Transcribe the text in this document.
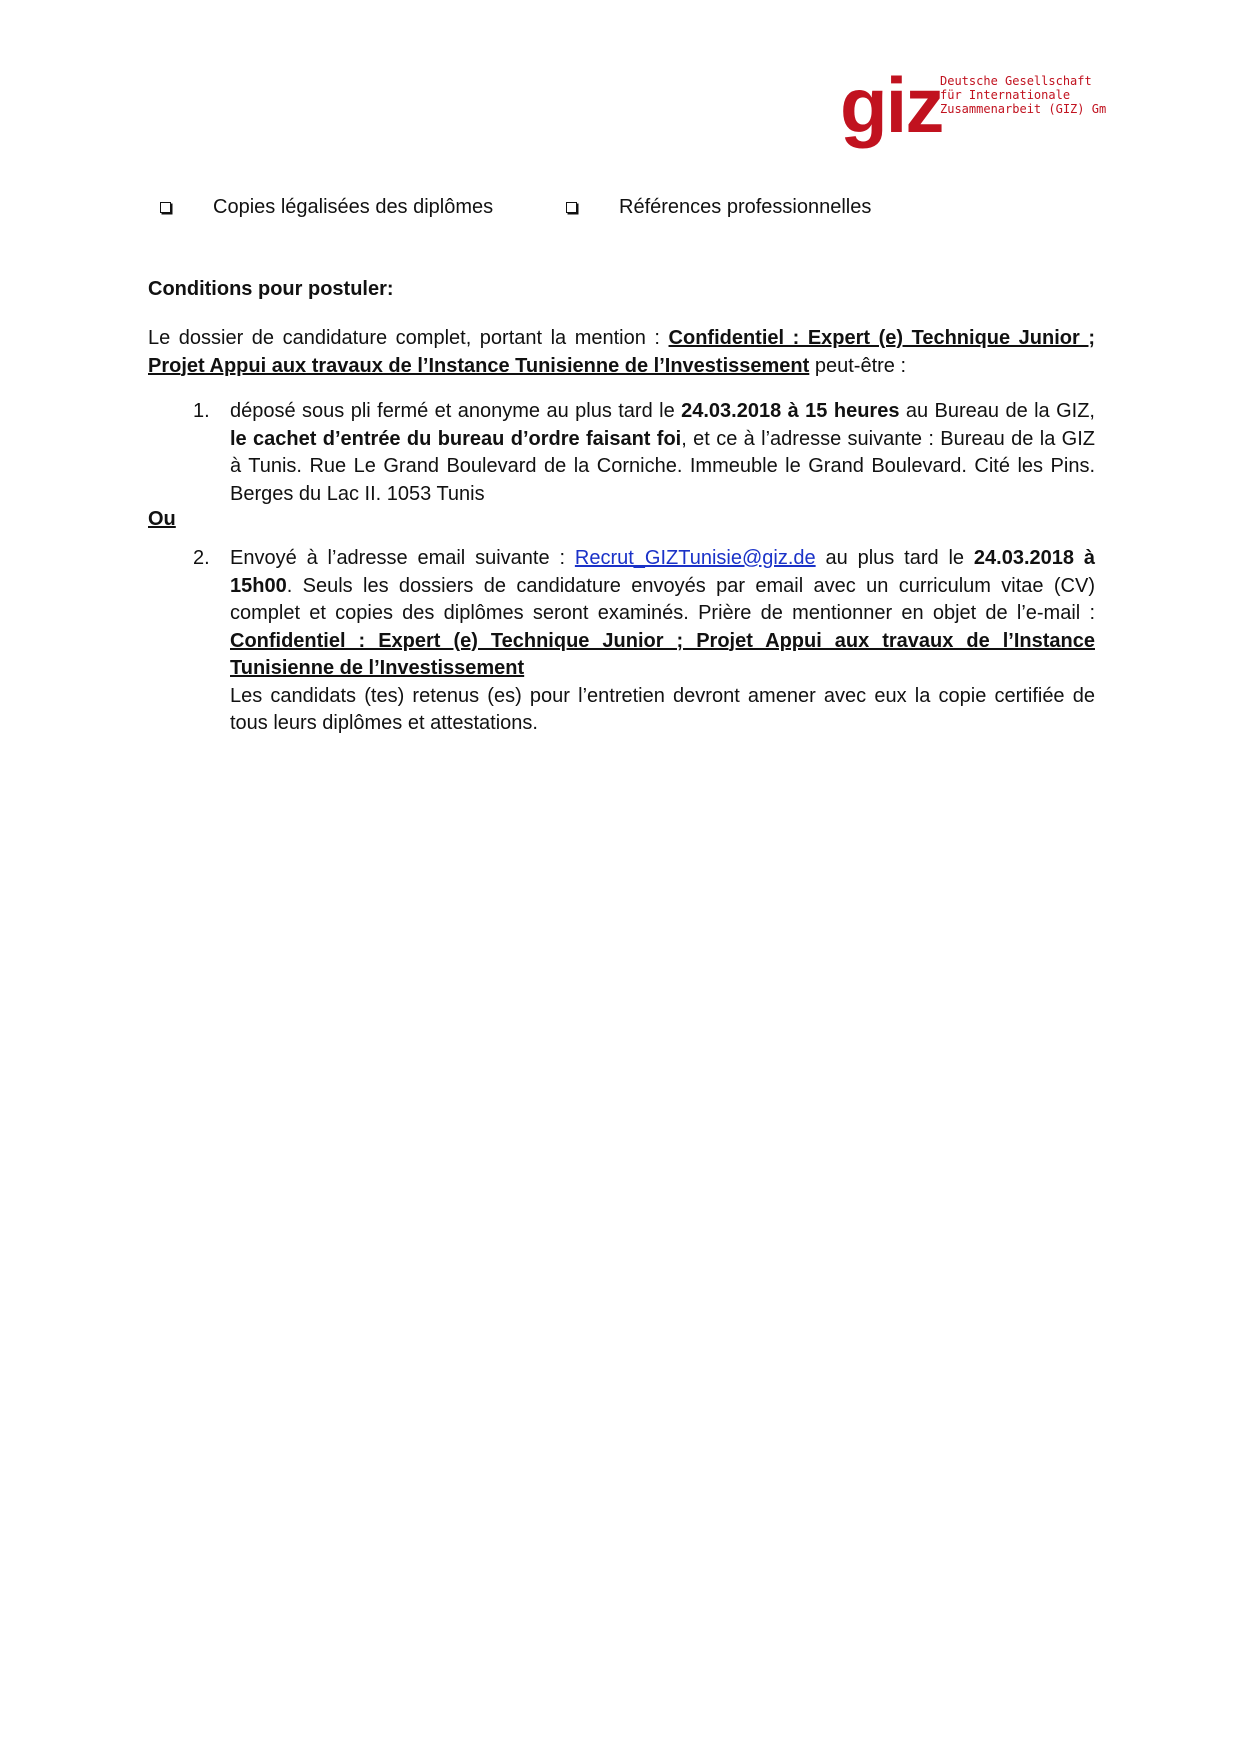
giz
Deutsche Gesellschaft
für Internationale
Zusammenarbeit (GIZ) Gm
Copies légalisées des diplômes	Références professionnelles
Conditions pour postuler:
Le dossier de candidature complet, portant la mention : Confidentiel : Expert (e) Technique Junior ; Projet Appui aux travaux de l’Instance Tunisienne de l’Investissement peut-être :
1. déposé sous pli fermé et anonyme au plus tard le 24.03.2018 à 15 heures au Bureau de la GIZ, le cachet d’entrée du bureau d’ordre faisant foi, et ce à l’adresse suivante : Bureau de la GIZ à Tunis. Rue Le Grand Boulevard de la Corniche. Immeuble le Grand Boulevard. Cité les Pins. Berges du Lac II. 1053 Tunis
Ou
2. Envoyé à l’adresse email suivante : Recrut_GIZTunisie@giz.de au plus tard le 24.03.2018 à 15h00. Seuls les dossiers de candidature envoyés par email avec un curriculum vitae (CV) complet et copies des diplômes seront examinés. Prière de mentionner en objet de l’e-mail : Confidentiel : Expert (e) Technique Junior ; Projet Appui aux travaux de l’Instance Tunisienne de l’Investissement
Les candidats (tes) retenus (es) pour l’entretien devront amener avec eux la copie certifiée de tous leurs diplômes et attestations.
